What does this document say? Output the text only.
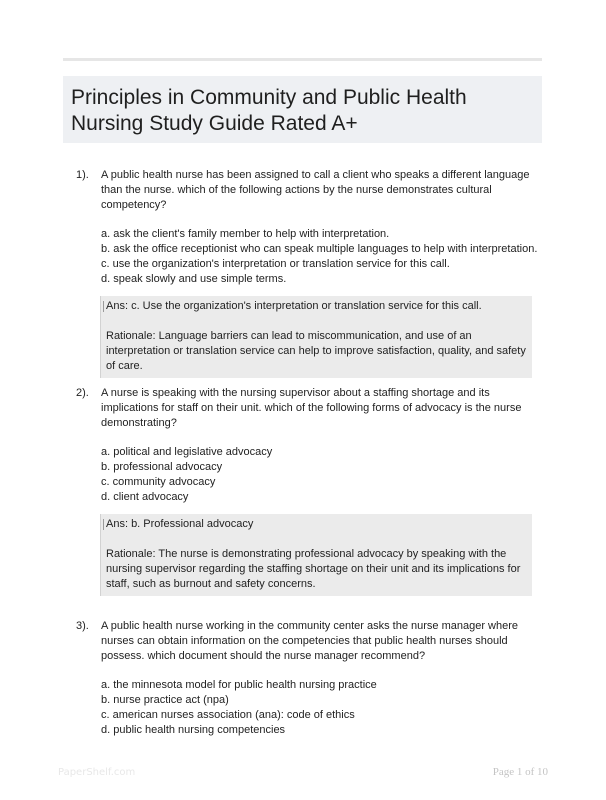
Principles in Community and Public Health Nursing Study Guide Rated A+
1). A public health nurse has been assigned to call a client who speaks a different language than the nurse. which of the following actions by the nurse demonstrates cultural competency?
a. ask the client's family member to help with interpretation.
b. ask the office receptionist who can speak multiple languages to help with interpretation.
c. use the organization's interpretation or translation service for this call.
d. speak slowly and use simple terms.
Ans: c. Use the organization's interpretation or translation service for this call.
Rationale: Language barriers can lead to miscommunication, and use of an interpretation or translation service can help to improve satisfaction, quality, and safety of care.
2). A nurse is speaking with the nursing supervisor about a staffing shortage and its implications for staff on their unit. which of the following forms of advocacy is the nurse demonstrating?
a. political and legislative advocacy
b. professional advocacy
c. community advocacy
d. client advocacy
Ans: b. Professional advocacy
Rationale: The nurse is demonstrating professional advocacy by speaking with the nursing supervisor regarding the staffing shortage on their unit and its implications for staff, such as burnout and safety concerns.
3). A public health nurse working in the community center asks the nurse manager where nurses can obtain information on the competencies that public health nurses should possess. which document should the nurse manager recommend?
a. the minnesota model for public health nursing practice
b. nurse practice act (npa)
c. american nurses association (ana): code of ethics
d. public health nursing competencies
PaperShelf.com	Page 1 of 10
